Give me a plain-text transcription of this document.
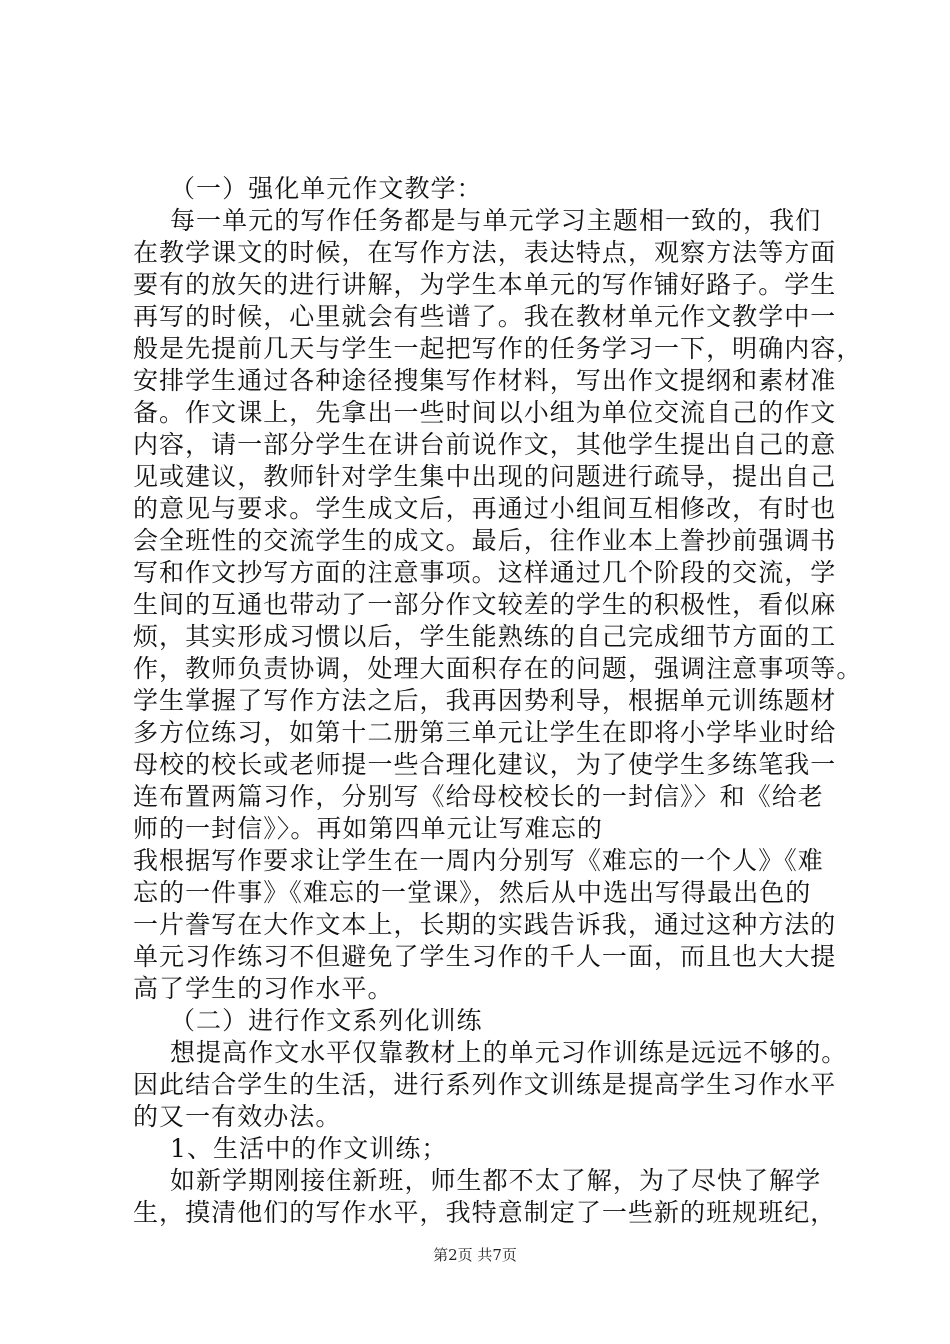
（一）强化单元作文教学：
每一单元的写作任务都是与单元学习主题相一致的，我们
在教学课文的时候，在写作方法，表达特点，观察方法等方面
要有的放矢的进行讲解，为学生本单元的写作铺好路子。学生
再写的时候，心里就会有些谱了。我在教材单元作文教学中一
般是先提前几天与学生一起把写作的任务学习一下，明确内容，
安排学生通过各种途径搜集写作材料，写出作文提纲和素材准
备。作文课上，先拿出一些时间以小组为单位交流自己的作文
内容，请一部分学生在讲台前说作文，其他学生提出自己的意
见或建议，教师针对学生集中出现的问题进行疏导，提出自己
的意见与要求。学生成文后，再通过小组间互相修改，有时也
会全班性的交流学生的成文。最后，往作业本上誊抄前强调书
写和作文抄写方面的注意事项。这样通过几个阶段的交流，学
生间的互通也带动了一部分作文较差的学生的积极性，看似麻
烦，其实形成习惯以后，学生能熟练的自己完成细节方面的工
作，教师负责协调，处理大面积存在的问题，强调注意事项等。
学生掌握了写作方法之后，我再因势利导，根据单元训练题材
多方位练习，如第十二册第三单元让学生在即将小学毕业时给
母校的校长或老师提一些合理化建议，为了使学生多练笔我一
连布置两篇习作，分别写《给母校校长的一封信》〉和《给老
师的一封信》〉。再如第四单元让写难忘的
我根据写作要求让学生在一周内分别写《难忘的一个人》《难
忘的一件事》《难忘的一堂课》，然后从中选出写得最出色的
一片誊写在大作文本上，长期的实践告诉我，通过这种方法的
单元习作练习不但避免了学生习作的千人一面，而且也大大提
高了学生的习作水平。
（二）进行作文系列化训练
想提高作文水平仅靠教材上的单元习作训练是远远不够的。
因此结合学生的生活，进行系列作文训练是提高学生习作水平
的又一有效办法。
1、生活中的作文训练；
如新学期刚接住新班，师生都不太了解，为了尽快了解学
生，摸清他们的写作水平，我特意制定了一些新的班规班纪，
第2页 共7页
